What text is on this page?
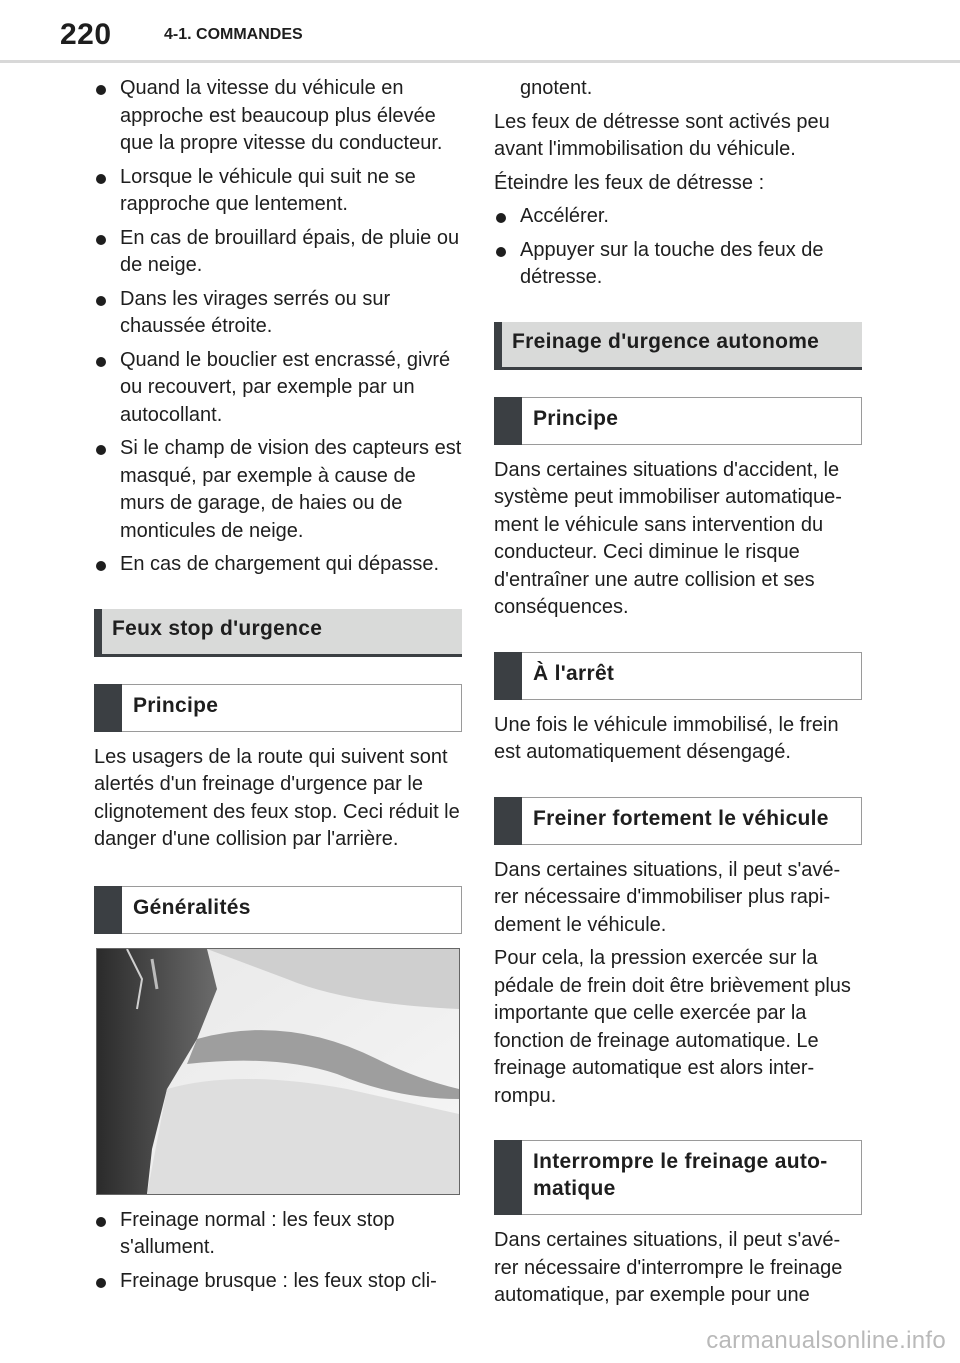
220	4-1. COMMANDES
Quand la vitesse du véhicule en approche est beaucoup plus élevée que la propre vitesse du conducteur.
Lorsque le véhicule qui suit ne se rapproche que lentement.
En cas de brouillard épais, de pluie ou de neige.
Dans les virages serrés ou sur chaussée étroite.
Quand le bouclier est encrassé, givré ou recouvert, par exemple par un autocollant.
Si le champ de vision des capteurs est masqué, par exemple à cause de murs de garage, de haies ou de monticules de neige.
En cas de chargement qui dépasse.
Feux stop d'urgence
Principe

Les usagers de la route qui suivent sont alertés d'un freinage d'urgence par le clignotement des feux stop. Ceci réduit le danger d'une collision par l'arrière.

Généralités
Freinage normal : les feux stop s'allument.
Freinage brusque : les feux stop cli-

gnotent.

Les feux de détresse sont activés peu avant l'immobilisation du véhicule.

Éteindre les feux de détresse :

Accélérer.
Appuyer sur la touche des feux de détresse.
Freinage d'urgence autonome
Principe

Dans certaines situations d'accident, le système peut immobiliser automatique-ment le véhicule sans intervention du conducteur. Ceci diminue le risque d'entraîner une autre collision et ses conséquences.

À l'arrêt

Une fois le véhicule immobilisé, le frein est automatiquement désengagé.

Freiner fortement le véhicule

Dans certaines situations, il peut s'avé-rer nécessaire d'immobiliser plus rapi-dement le véhicule.

Pour cela, la pression exercée sur la pédale de frein doit être brièvement plus importante que celle exercée par la fonction de freinage automatique. Le freinage automatique est alors inter-rompu.

Interrompre le freinage auto-matique

Dans certaines situations, il peut s'avé-rer nécessaire d'interrompre le freinage automatique, par exemple pour une

carmanualsonline.info
